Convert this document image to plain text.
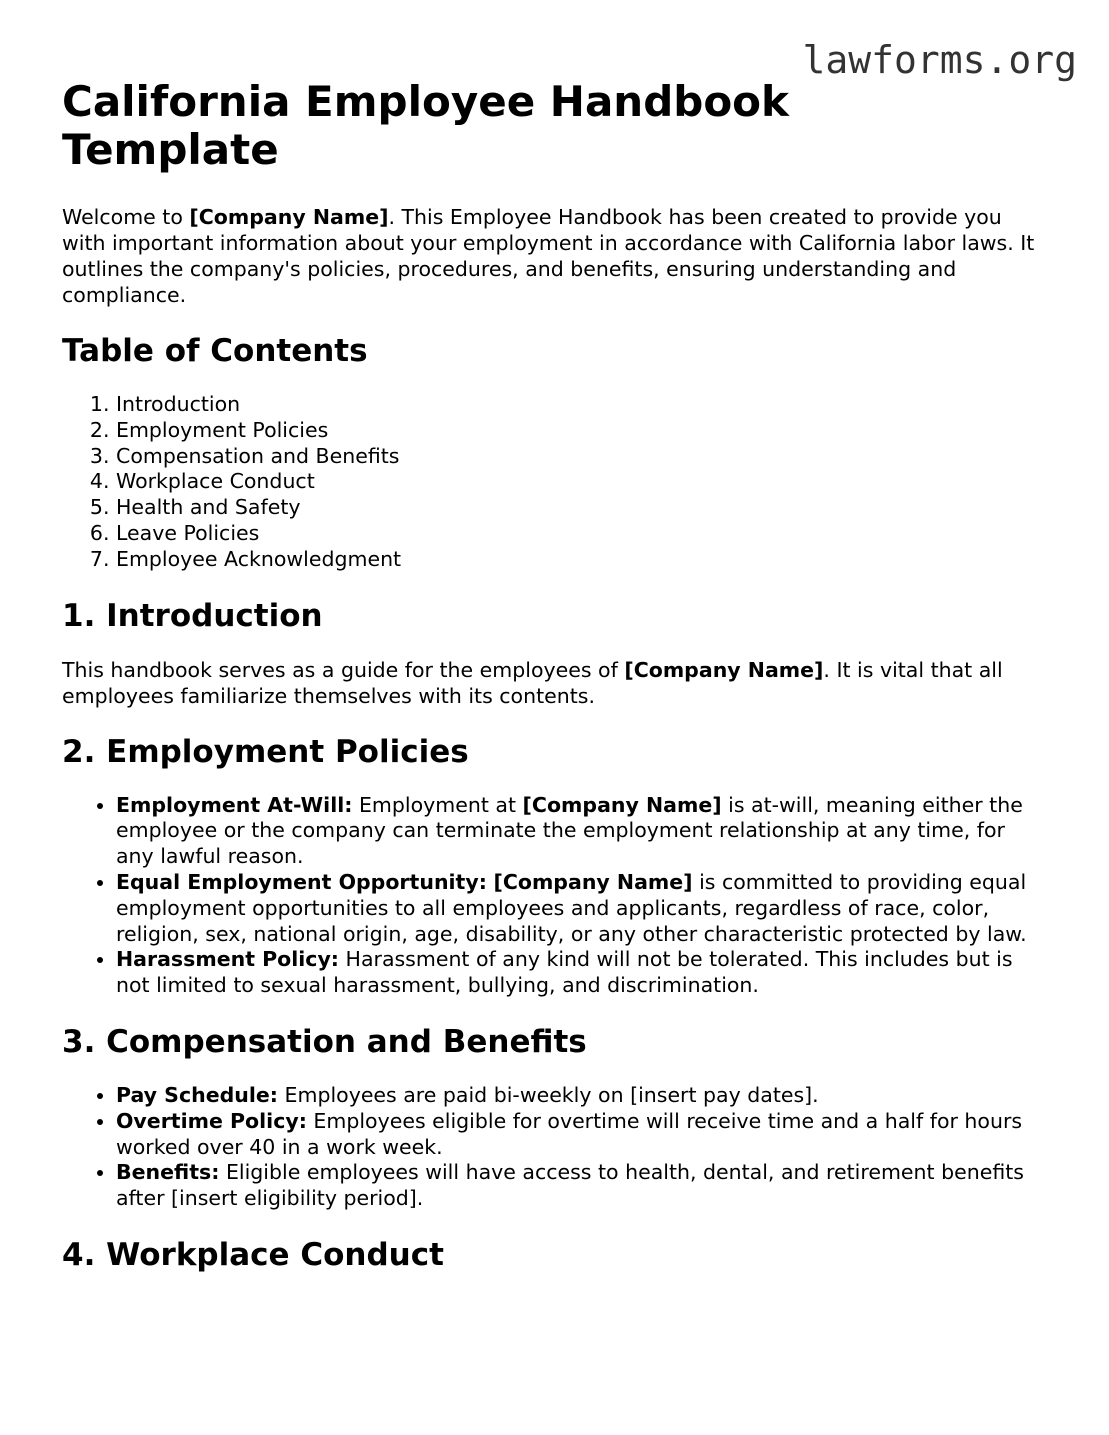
lawforms.org
California Employee Handbook Template

Welcome to [Company Name]. This Employee Handbook has been created to provide you with important information about your employment in accordance with California labor laws. It outlines the company's policies, procedures, and benefits, ensuring understanding and compliance.

Table of Contents
1. Introduction
2. Employment Policies
3. Compensation and Benefits
4. Workplace Conduct
5. Health and Safety
6. Leave Policies
7. Employee Acknowledgment
1. Introduction

This handbook serves as a guide for the employees of [Company Name]. It is vital that all employees familiarize themselves with its contents.

2. Employment Policies
• Employment At-Will: Employment at [Company Name] is at-will, meaning either the employee or the company can terminate the employment relationship at any time, for any lawful reason.
• Equal Employment Opportunity: [Company Name] is committed to providing equal employment opportunities to all employees and applicants, regardless of race, color, religion, sex, national origin, age, disability, or any other characteristic protected by law.
• Harassment Policy: Harassment of any kind will not be tolerated. This includes but is not limited to sexual harassment, bullying, and discrimination.
3. Compensation and Benefits
• Pay Schedule: Employees are paid bi-weekly on [insert pay dates].
• Overtime Policy: Employees eligible for overtime will receive time and a half for hours worked over 40 in a work week.
• Benefits: Eligible employees will have access to health, dental, and retirement benefits after [insert eligibility period].
4. Workplace Conduct
